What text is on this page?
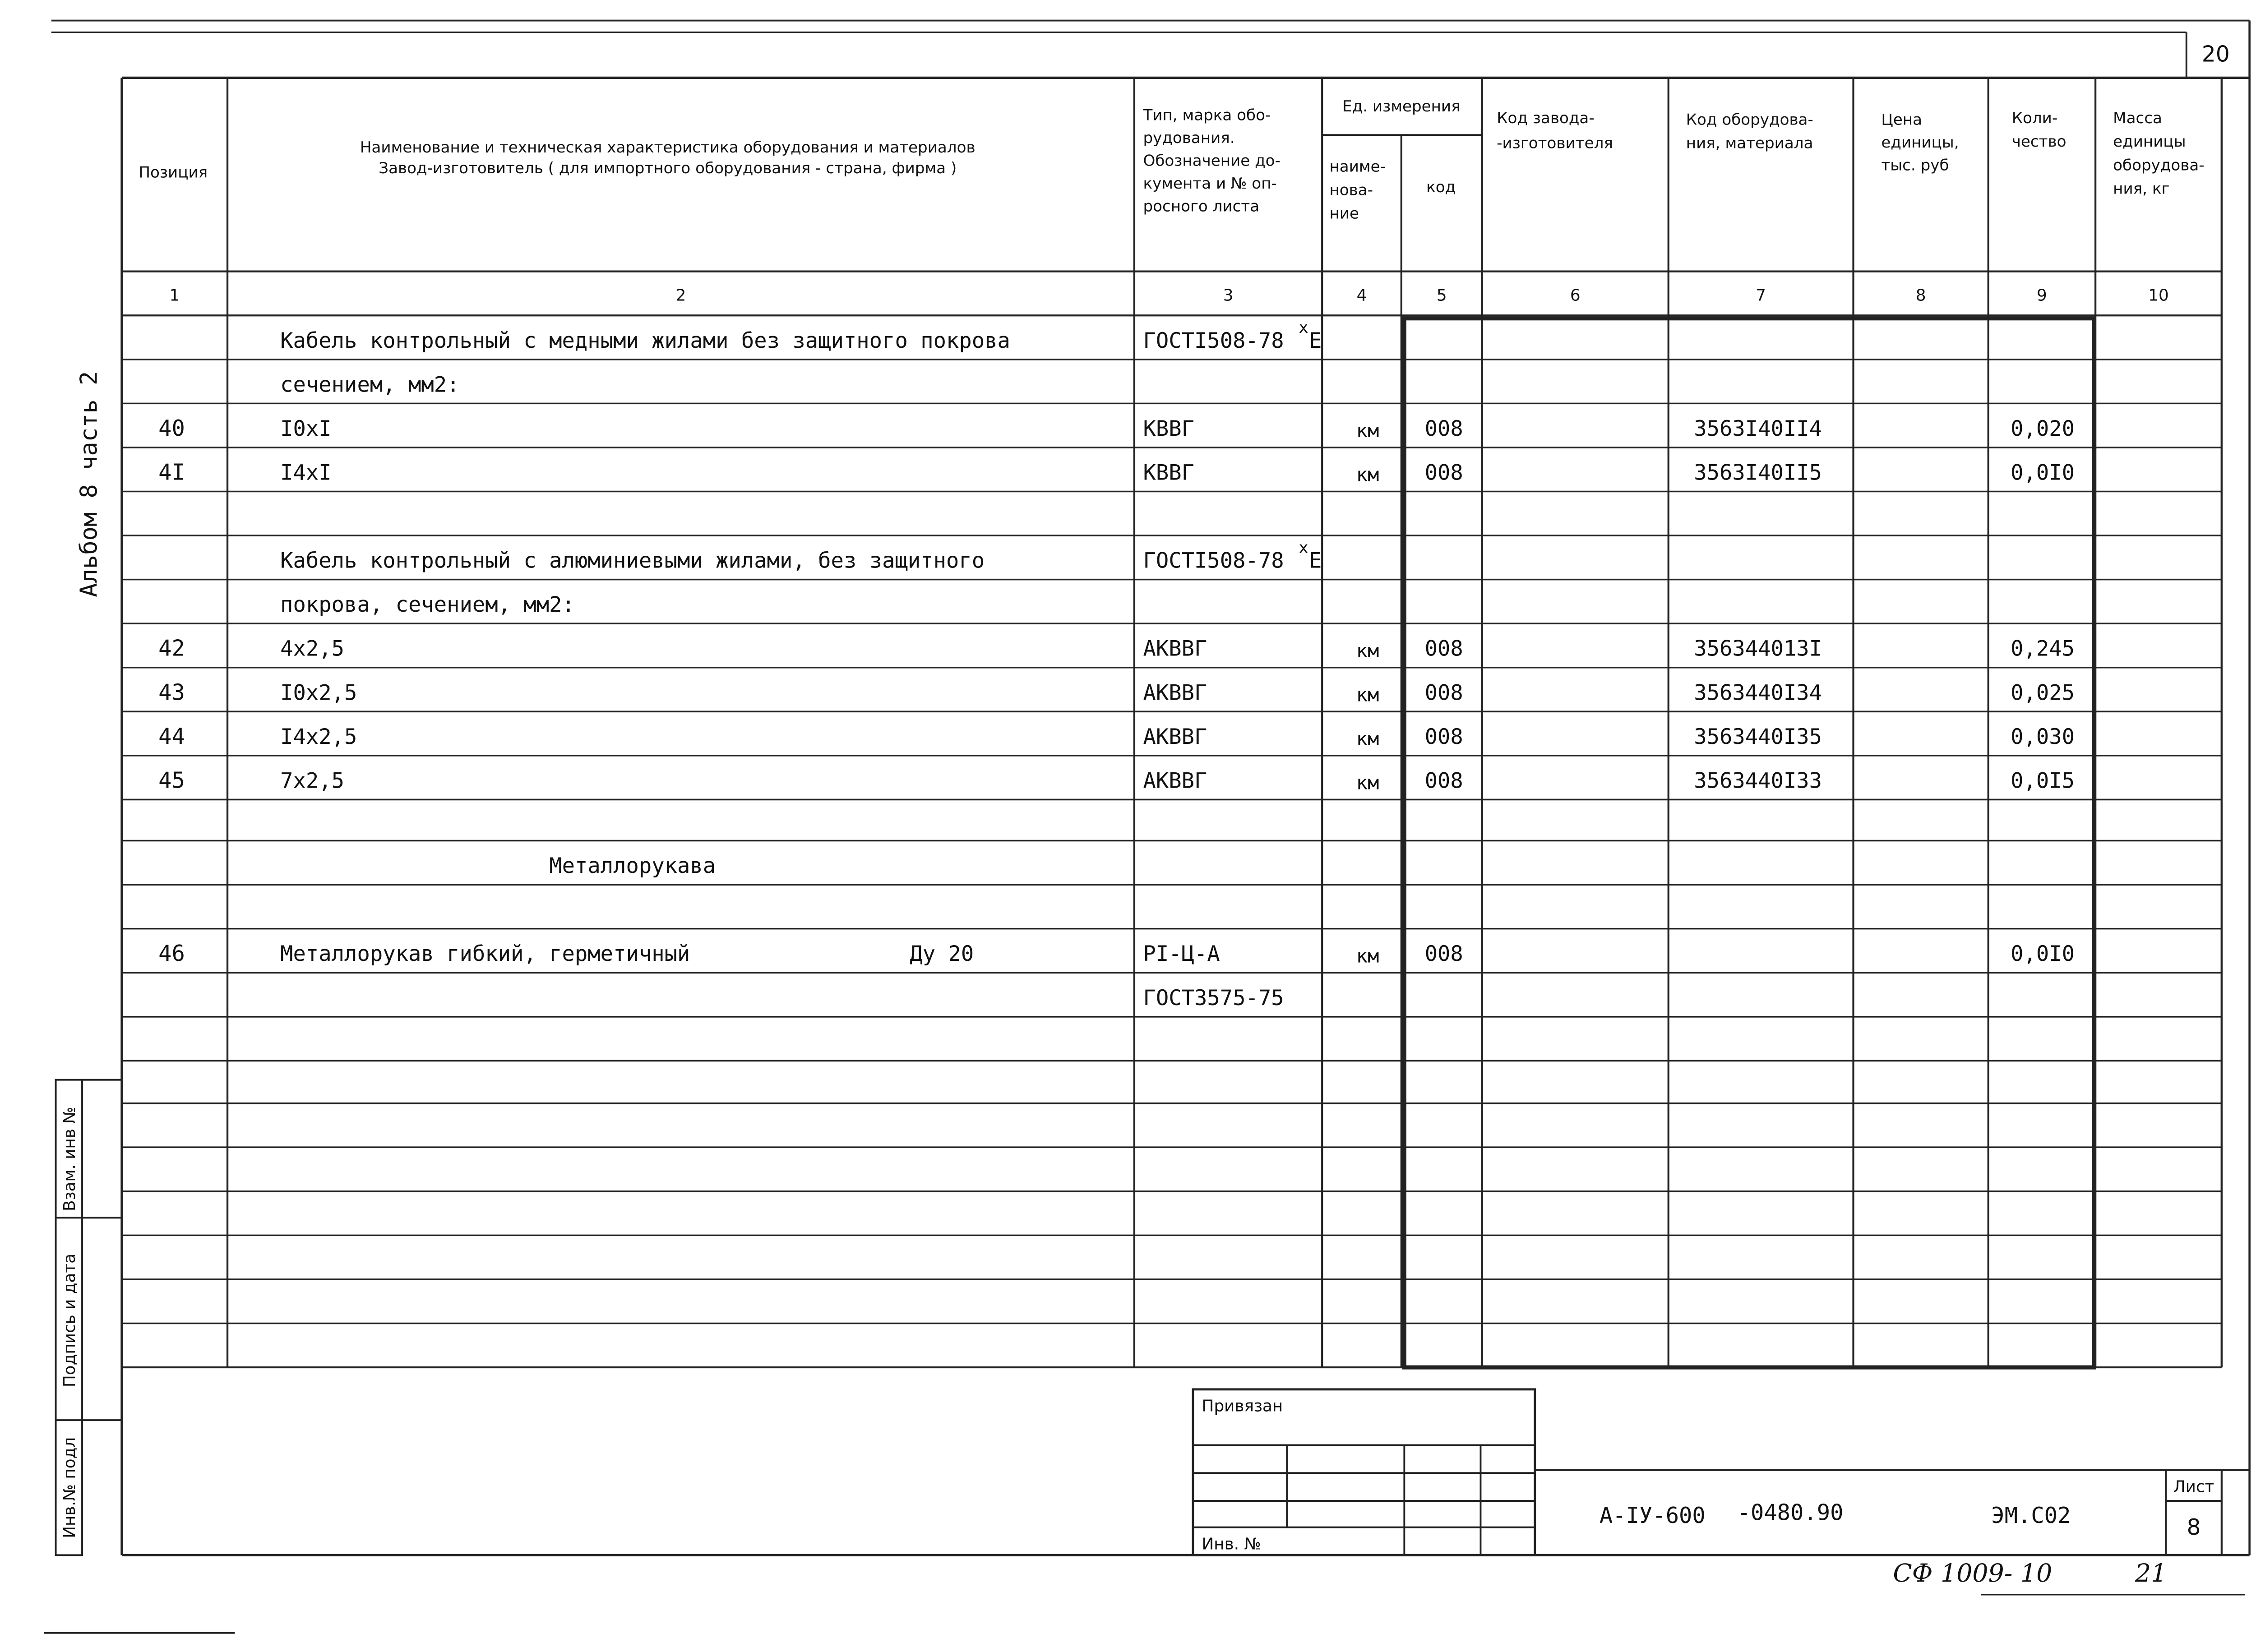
20
Альбом 8 часть 2
Взам. инв №
Подпись и дата
Инв.№ подл
Позиция
Наименование и техническая характеристика оборудования и материалов
Завод-изготовитель ( для импортного оборудования - страна, фирма )
Тип, марка обо-
рудования.
Обозначение до-
кумента и № оп-
росного листа
Ед. измерения
наиме-
нова-
ние
код
Код завода-
-изготовителя
Код оборудова-
ния, материала
Цена
единицы,
тыс. руб
Коли-
чество
Масса
единицы
оборудова-
ния, кг
1	2	3	4	5	6	7	8	9	10
Кабель контрольный с медными жилами без защитного покрова	ГОСТI508-78
х
Е
сечением, мм2:
40	I0xI	КВВГ	км 008	3563I40II4	0,020
4I	I4xI	КВВГ	км 008	3563I40II5	0,0I0
Кабель контрольный с алюминиевыми жилами, без защитного	ГОСТI508-78
х
Е
покрова, сечением, мм2:
42	4x2,5	АКВВГ	км 008	356344013I	0,245
43	I0x2,5	АКВВГ	км 008	3563440I34	0,025
44	I4x2,5	АКВВГ	км 008	3563440I35	0,030
45	7x2,5	АКВВГ	км 008	3563440I33	0,0I5
Металлорукава
46	Металлорукав гибкий, герметичный	Ду 20	РI-Ц-А	км 008	0,0I0
ГОСТ3575-75
Привязан
Инв. №
А-IУ-600 -0480.90	ЭМ.С02
Лист
8
СФ 1009- 10	21
